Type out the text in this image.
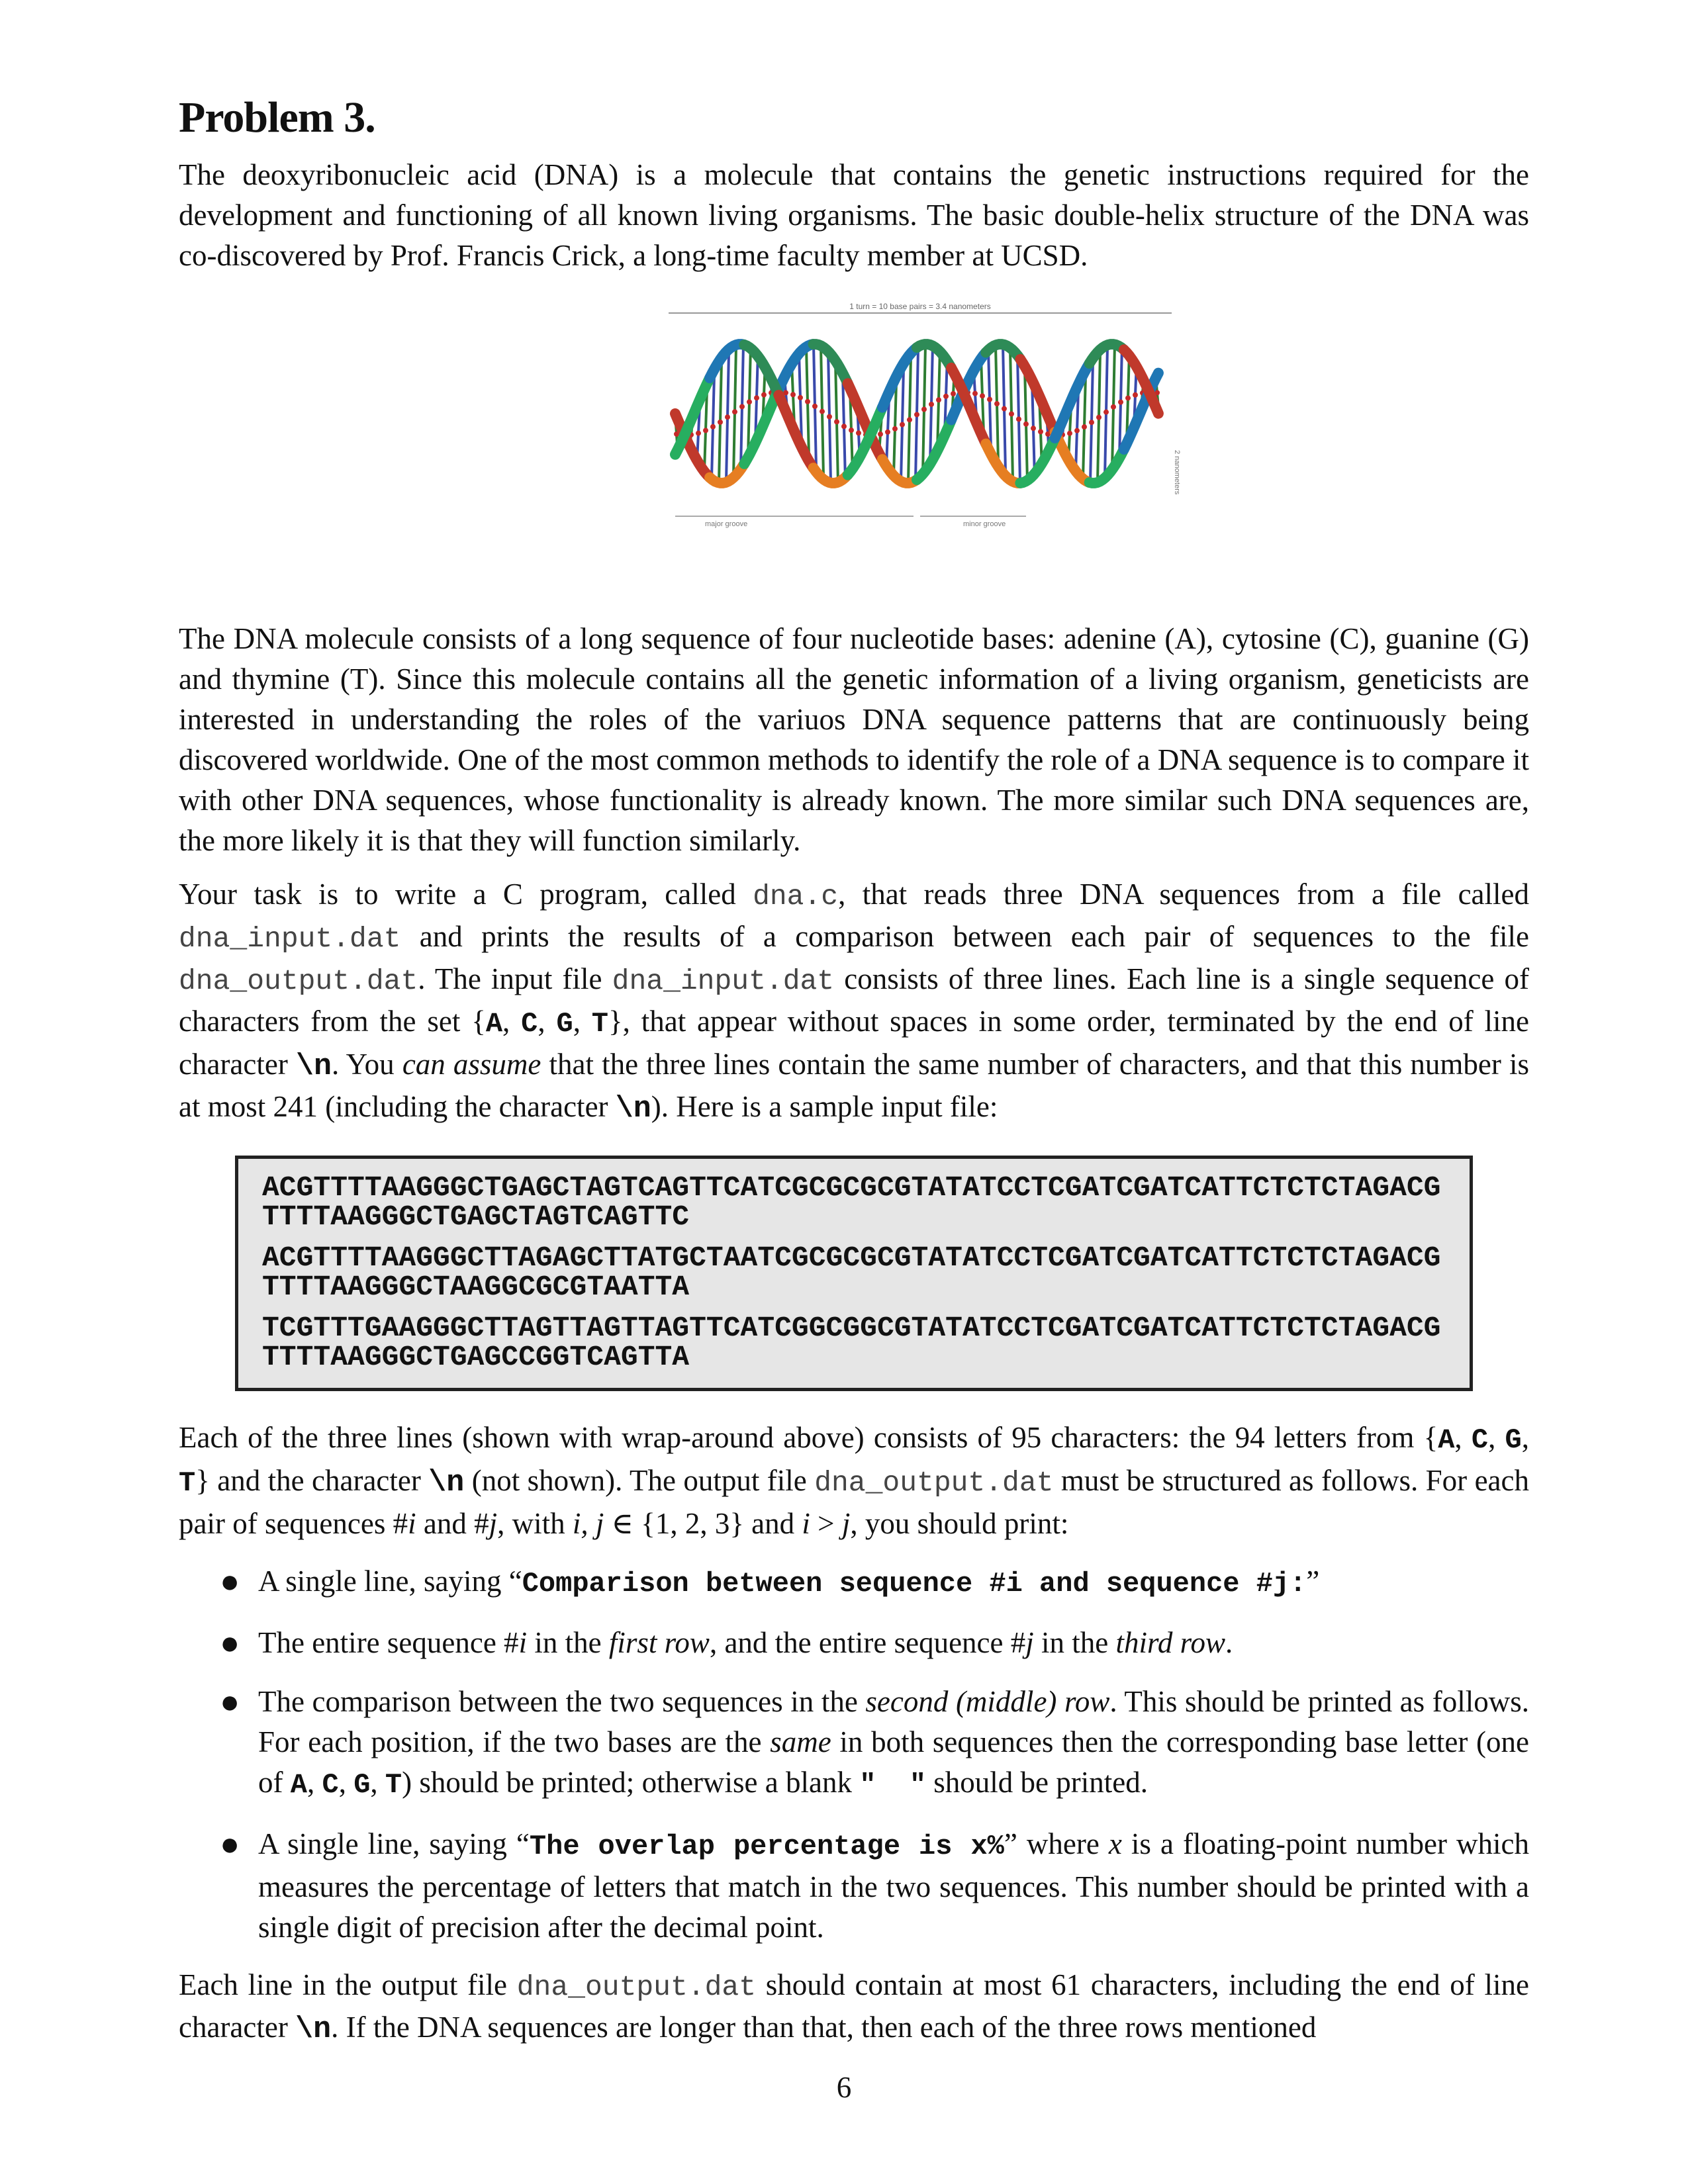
Problem 3.

The deoxyribonucleic acid (DNA) is a molecule that contains the genetic instructions required for the development and functioning of all known living organisms. The basic double-helix structure of the DNA was co-discovered by Prof. Francis Crick, a long-time faculty member at UCSD.

1 turn = 10 base pairs = 3.4 nanometers
major groove	minor groove
2 nanometers

The DNA molecule consists of a long sequence of four nucleotide bases: adenine (A), cytosine (C), guanine (G) and thymine (T). Since this molecule contains all the genetic information of a living organism, geneticists are interested in understanding the roles of the variuos DNA sequence patterns that are continuously being discovered worldwide. One of the most common methods to identify the role of a DNA sequence is to compare it with other DNA sequences, whose functionality is already known. The more similar such DNA sequences are, the more likely it is that they will function similarly.

Your task is to write a C program, called dna.c, that reads three DNA sequences from a file called dna_input.dat and prints the results of a comparison between each pair of sequences to the file dna_output.dat. The input file dna_input.dat consists of three lines. Each line is a single sequence of characters from the set {A, C, G, T}, that appear without spaces in some order, terminated by the end of line character \n. You can assume that the three lines contain the same number of characters, and that this number is at most 241 (including the character \n). Here is a sample input file:

ACGTTTTAAGGGCTGAGCTAGTCAGTTCATCGCGCGCGTATATCCTCGATCGATCATTCTCTCTAGACGTTTTAAGGGCTGAGCTAGTCAGTTC
ACGTTTTAAGGGCTTAGAGCTTATGCTAATCGCGCGCGTATATCCTCGATCGATCATTCTCTCTAGACGTTTTAAGGGCTAAGGCGCGTAATTA
TCGTTTGAAGGGCTTAGTTAGTTAGTTCATCGGCGGCGTATATCCTCGATCGATCATTCTCTCTAGACGTTTTAAGGGCTGAGCCGGTCAGTTA

Each of the three lines (shown with wrap-around above) consists of 95 characters: the 94 letters from {A, C, G, T} and the character \n (not shown). The output file dna_output.dat must be structured as follows. For each pair of sequences #i and #j, with i, j ∈ {1, 2, 3} and i > j, you should print:

● A single line, saying “Comparison between sequence #i and sequence #j:”
● The entire sequence #i in the first row, and the entire sequence #j in the third row.
● The comparison between the two sequences in the second (middle) row. This should be printed as follows. For each position, if the two bases are the same in both sequences then the corresponding base letter (one of A, C, G, T) should be printed; otherwise a blank "  " should be printed.
● A single line, saying “The overlap percentage is x%” where x is a floating-point number which measures the percentage of letters that match in the two sequences. This number should be printed with a single digit of precision after the decimal point.

Each line in the output file dna_output.dat should contain at most 61 characters, including the end of line character \n. If the DNA sequences are longer than that, then each of the three rows mentioned

6
